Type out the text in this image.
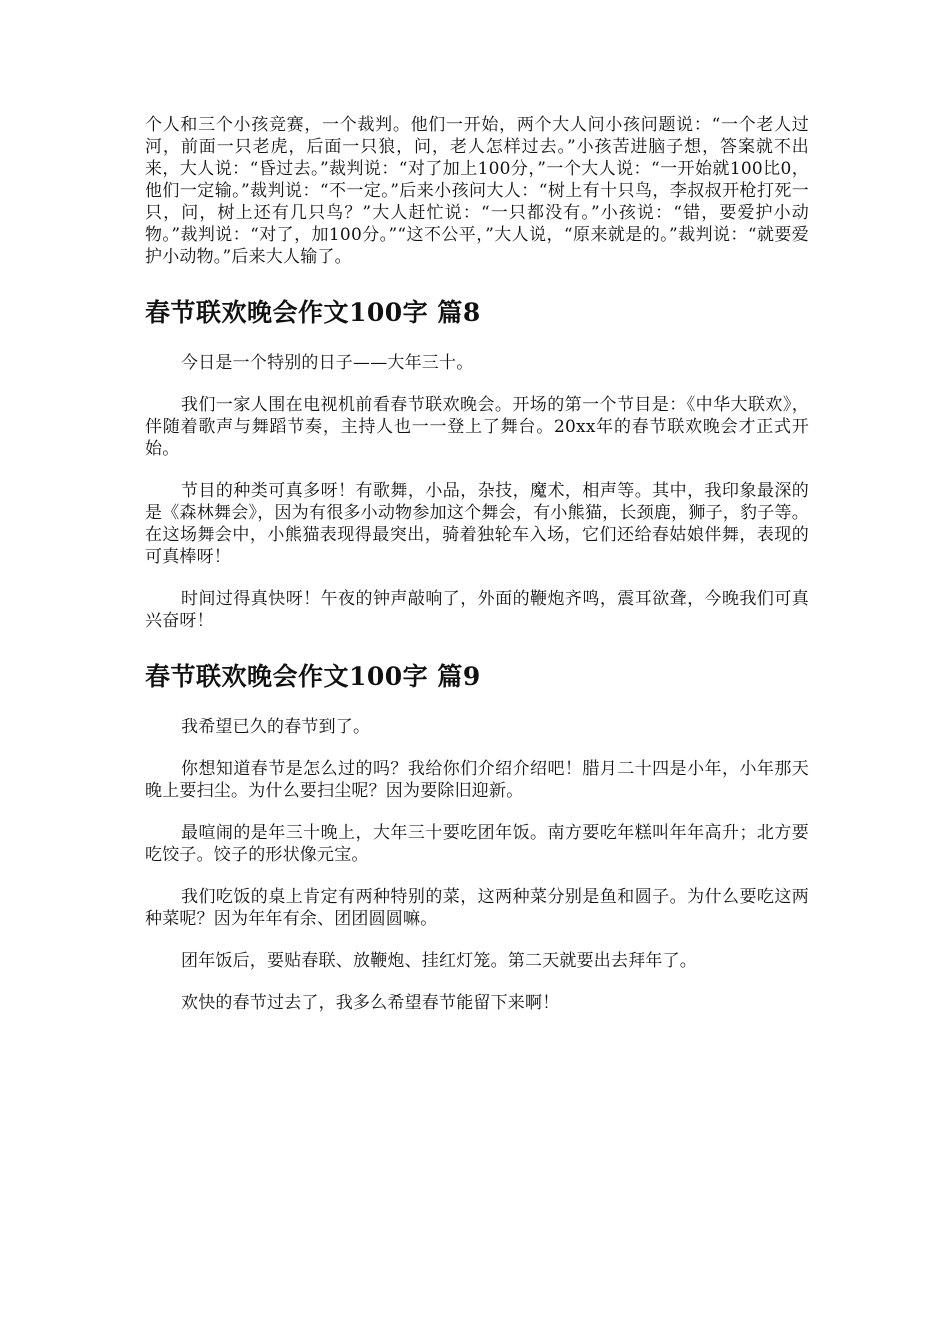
个人和三个小孩竞赛，一个裁判。他们一开始，两个大人问小孩问题说：“一个老人过河，前面一只老虎，后面一只狼，问，老人怎样过去。”小孩苦进脑子想，答案就不出来，大人说：“昏过去。”裁判说：“对了加上100分，”一个大人说：“一开始就100比0，他们一定输。”裁判说：“不一定。”后来小孩问大人：“树上有十只鸟，李叔叔开枪打死一只，问，树上还有几只鸟？”大人赶忙说：“一只都没有。”小孩说：“错，要爱护小动物。”裁判说：“对了，加100分。”“这不公平，”大人说，“原来就是的。”裁判说：“就要爱护小动物。”后来大人输了。

春节联欢晚会作文100字 篇8

今日是一个特别的日子——大年三十。

我们一家人围在电视机前看春节联欢晚会。开场的第一个节目是：《中华大联欢》，伴随着歌声与舞蹈节奏，主持人也一一登上了舞台。20xx年的春节联欢晚会才正式开始。

节目的种类可真多呀！有歌舞，小品，杂技，魔术，相声等。其中，我印象最深的是《森林舞会》，因为有很多小动物参加这个舞会，有小熊猫，长颈鹿，狮子，豹子等。在这场舞会中，小熊猫表现得最突出，骑着独轮车入场，它们还给春姑娘伴舞，表现的可真棒呀！

时间过得真快呀！午夜的钟声敲响了，外面的鞭炮齐鸣，震耳欲聋，今晚我们可真兴奋呀！

春节联欢晚会作文100字 篇9

我希望已久的春节到了。

你想知道春节是怎么过的吗？我给你们介绍介绍吧！腊月二十四是小年，小年那天晚上要扫尘。为什么要扫尘呢？因为要除旧迎新。

最喧闹的是年三十晚上，大年三十要吃团年饭。南方要吃年糕叫年年高升；北方要吃饺子。饺子的形状像元宝。

我们吃饭的桌上肯定有两种特别的菜，这两种菜分别是鱼和圆子。为什么要吃这两种菜呢？因为年年有余、团团圆圆嘛。

团年饭后，要贴春联、放鞭炮、挂红灯笼。第二天就要出去拜年了。

欢快的春节过去了，我多么希望春节能留下来啊！
